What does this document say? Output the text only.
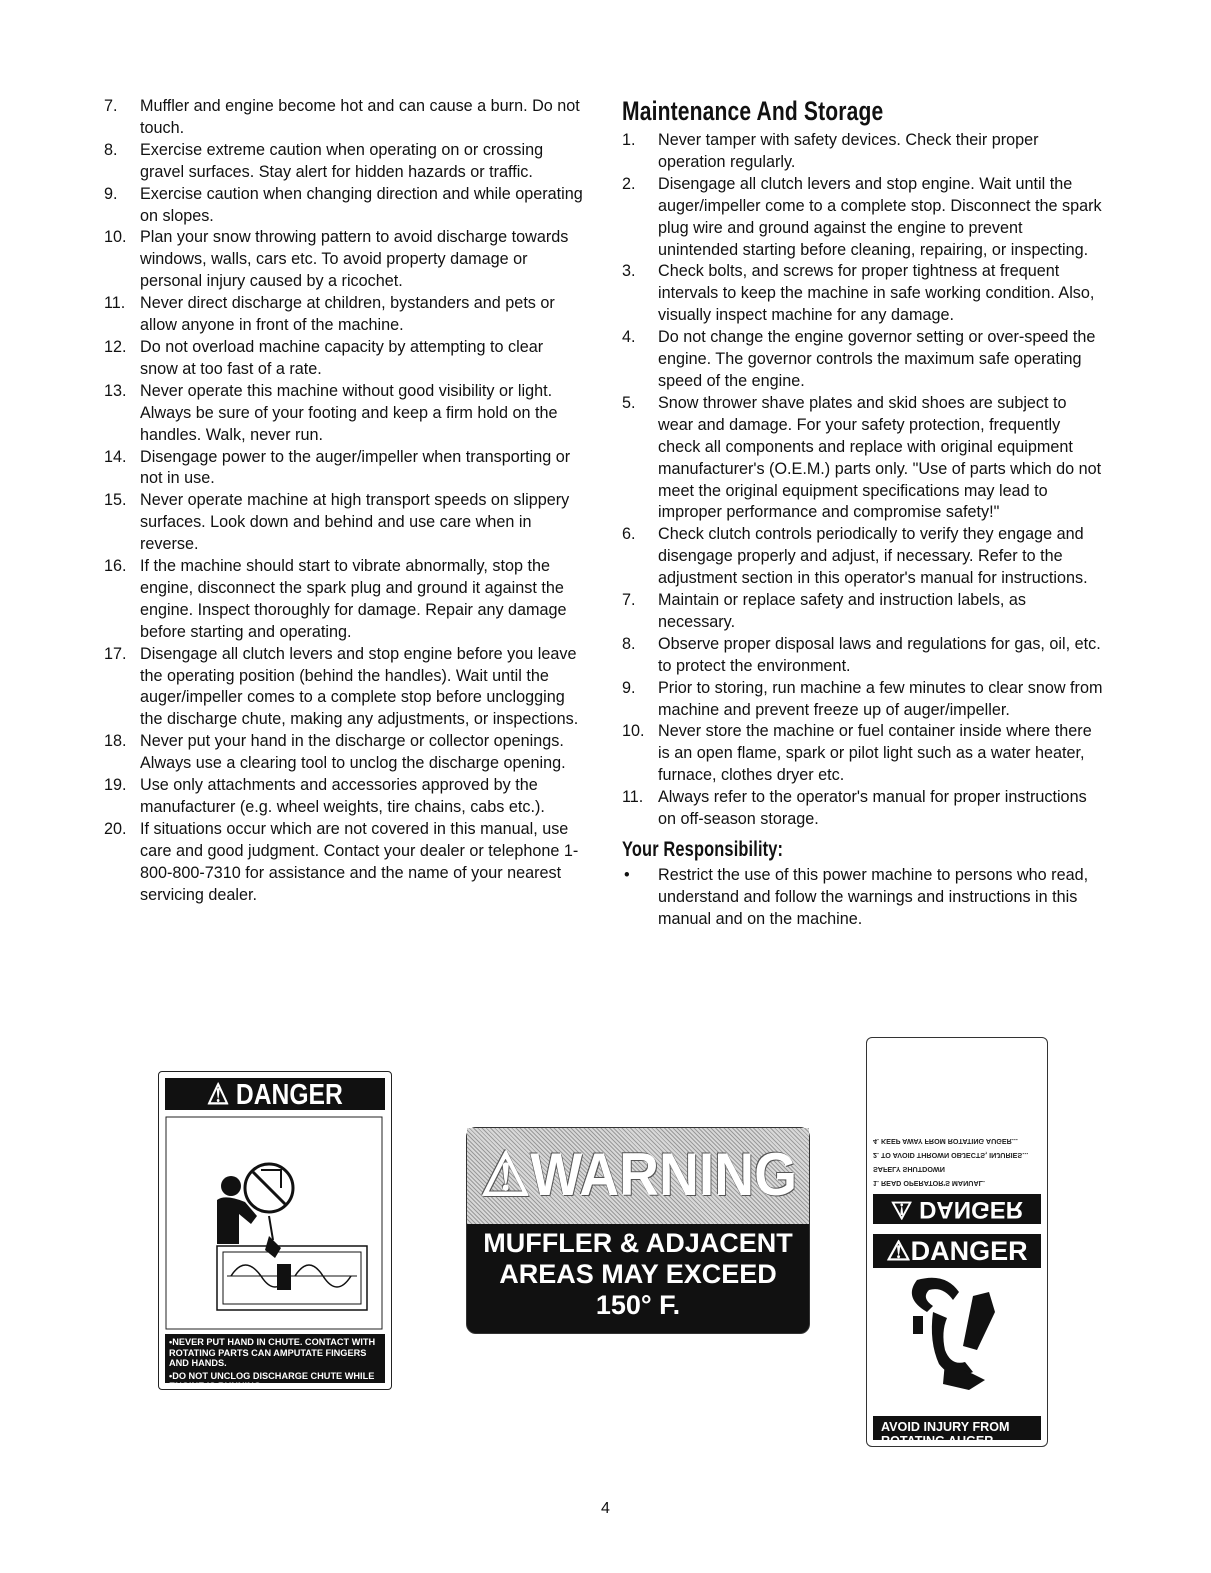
7.	Muffler and engine become hot and can cause a burn. Do not touch.
8.	Exercise extreme caution when operating on or crossing gravel surfaces. Stay alert for hidden hazards or traffic.
9.	Exercise caution when changing direction and while operating on slopes.
10. Plan your snow throwing pattern to avoid discharge towards windows, walls, cars etc. To avoid property damage or personal injury caused by a ricochet.
11. Never direct discharge at children, bystanders and pets or allow anyone in front of the machine.
12. Do not overload machine capacity by attempting to clear snow at too fast of a rate.
13. Never operate this machine without good visibility or light. Always be sure of your footing and keep a firm hold on the handles. Walk, never run.
14. Disengage power to the auger/impeller when transporting or not in use.
15. Never operate machine at high transport speeds on slippery surfaces. Look down and behind and use care when in reverse.
16. If the machine should start to vibrate abnormally, stop the engine, disconnect the spark plug and ground it against the engine. Inspect thoroughly for damage. Repair any damage before starting and operating.
17. Disengage all clutch levers and stop engine before you leave the operating position (behind the handles). Wait until the auger/impeller comes to a complete stop before unclogging the discharge chute, making any adjustments, or inspections.
18. Never put your hand in the discharge or collector openings. Always use a clearing tool to unclog the discharge opening.
19. Use only attachments and accessories approved by the manufacturer (e.g. wheel weights, tire chains, cabs etc.).
20. If situations occur which are not covered in this manual, use care and good judgment. Contact your dealer or telephone 1-800-800-7310 for assistance and the name of your nearest servicing dealer.
Maintenance And Storage
1.	Never tamper with safety devices. Check their proper operation regularly.
2.	Disengage all clutch levers and stop engine. Wait until the auger/impeller come to a complete stop. Disconnect the spark plug wire and ground against the engine to prevent unintended starting before cleaning, repairing, or inspecting.
3.	Check bolts, and screws for proper tightness at frequent intervals to keep the machine in safe working condition. Also, visually inspect machine for any damage.
4.	Do not change the engine governor setting or over-speed the engine. The governor controls the maximum safe operating speed of the engine.
5.	Snow thrower shave plates and skid shoes are subject to wear and damage. For your safety protection, frequently check all components and replace with original equipment manufacturer's (O.E.M.) parts only. "Use of parts which do not meet the original equipment specifications may lead to improper performance and compromise safety!"
6.	Check clutch controls periodically to verify they engage and disengage properly and adjust, if necessary. Refer to the adjustment section in this operator's manual for instructions.
7.	Maintain or replace safety and instruction labels, as necessary.
8.	Observe proper disposal laws and regulations for gas, oil, etc. to protect the environment.
9.	Prior to storing, run machine a few minutes to clear snow from machine and prevent freeze up of auger/impeller.
10. Never store the machine or fuel container inside where there is an open flame, spark or pilot light such as a water heater, furnace, clothes dryer etc.
11. Always refer to the operator's manual for proper instructions on off-season storage.
Your Responsibility:
• Restrict the use of this power machine to persons who read, understand and follow the warnings and instructions in this manual and on the machine.
⚠ DANGER
•NEVER PUT HAND IN CHUTE. CONTACT WITH ROTATING PARTS CAN AMPUTATE FINGERS AND HANDS.
•DO NOT UNCLOG DISCHARGE CHUTE WHILE ENGINE IS RUNNING.
•SHUT OFF ENGINE AND REMAIN BEHIND HANDLES UNTIL ALL MOVING PARTS HAVE STOPPED BEFORE UNCLOGGING.
⚠WARNING
MUFFLER & ADJACENT
AREAS MAY EXCEED
150° F.
⚠ DANGER

1. READ OPERATOR'S MANUAL.

SAFELY SHUTDOWN

2. TO AVOID THROWN OBJECTS, INJURIES...

4. KEEP AWAY FROM ROTATING AUGER...

⚠DANGER
AVOID INJURY FROM ROTATING AUGER - KEEP HANDS, FEET AND CLOTHING AWAY.
4
